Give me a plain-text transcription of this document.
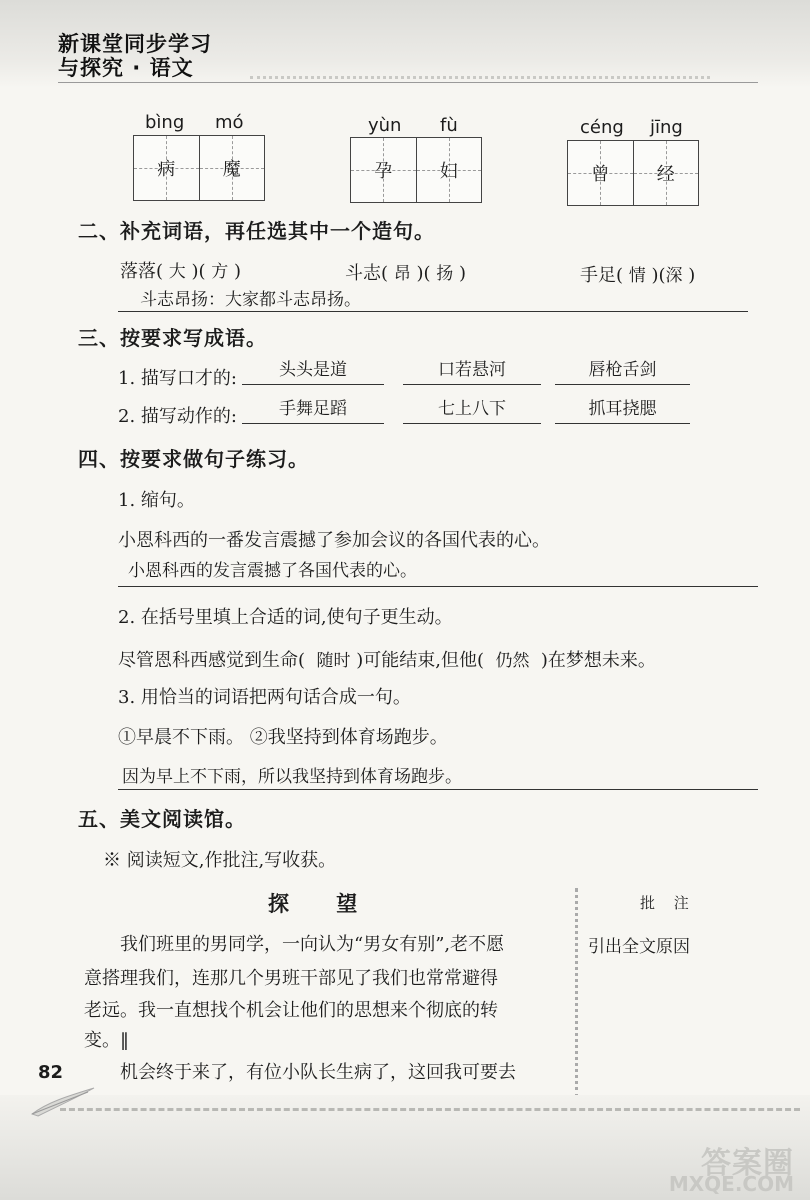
新课堂同步学习
与探究 · 语文
bìng mó
病	魔
yùn fù
孕	妇
céng jīng
曾	经
二、补充词语，再任选其中一个造句。
落落( 大 )( 方 )	斗志( 昂 )( 扬 )	手足( 情 )(深 )
斗志昂扬：大家都斗志昂扬。
三、按要求写成语。
1. 描写口才的:	头头是道	口若悬河	唇枪舌剑
2. 描写动作的:	手舞足蹈	七上八下	抓耳挠腮
四、按要求做句子练习。
1. 缩句。
小恩科西的一番发言震撼了参加会议的各国代表的心。
小恩科西的发言震撼了各国代表的心。
2. 在括号里填上合适的词,使句子更生动。
尽管恩科西感觉到生命( 随时 )可能结束,但他( 仍然 )在梦想未来。
3. 用恰当的词语把两句话合成一句。
①早晨不下雨。 ②我坚持到体育场跑步。
因为早上不下雨，所以我坚持到体育场跑步。
五、美文阅读馆。
※ 阅读短文,作批注,写收获。
探 望
我们班里的男同学，一向认为“男女有别”,老不愿
意搭理我们，连那几个男班干部见了我们也常常避得
老远。我一直想找个机会让他们的思想来个彻底的转
变。‖
机会终于来了，有位小队长生病了，这回我可要去
批 注
引出全文原因
82
答案圈
MXQE.COM
